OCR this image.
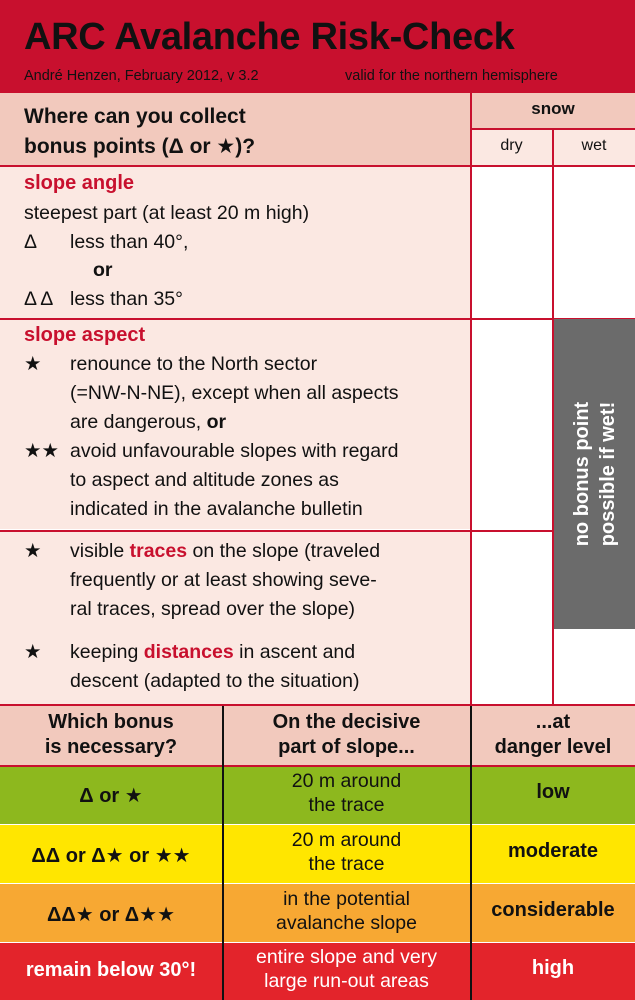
ARC Avalanche Risk-Check
André Henzen, February 2012, v 3.2	valid for the northern hemisphere
Where can you collect
bonus points (Δ or ★)?
snow
dry	wet
slope angle
steepest part (at least 20 m high)
Δ less than 40°,
or
Δ Δ less than 35°
slope aspect
★ renounce to the North sector
(=NW-N-NE), except when all aspects
are dangerous, or
★★ avoid unfavourable slopes with regard
to aspect and altitude zones as
indicated in the avalanche bulletin
★ visible traces on the slope (traveled
frequently or at least showing seve-
ral traces, spread over the slope)
★ keeping distances in ascent and
descent (adapted to the situation)
no bonus point possible if wet!
Which bonus
is necessary?
On the decisive
part of slope...
...at
danger level
Δ or ★
20 m around
the trace
low
ΔΔ or Δ★ or ★★
20 m around
the trace
moderate
ΔΔ★ or Δ★★
in the potential
avalanche slope
considerable
remain below 30°!
entire slope and very
large run-out areas
high
